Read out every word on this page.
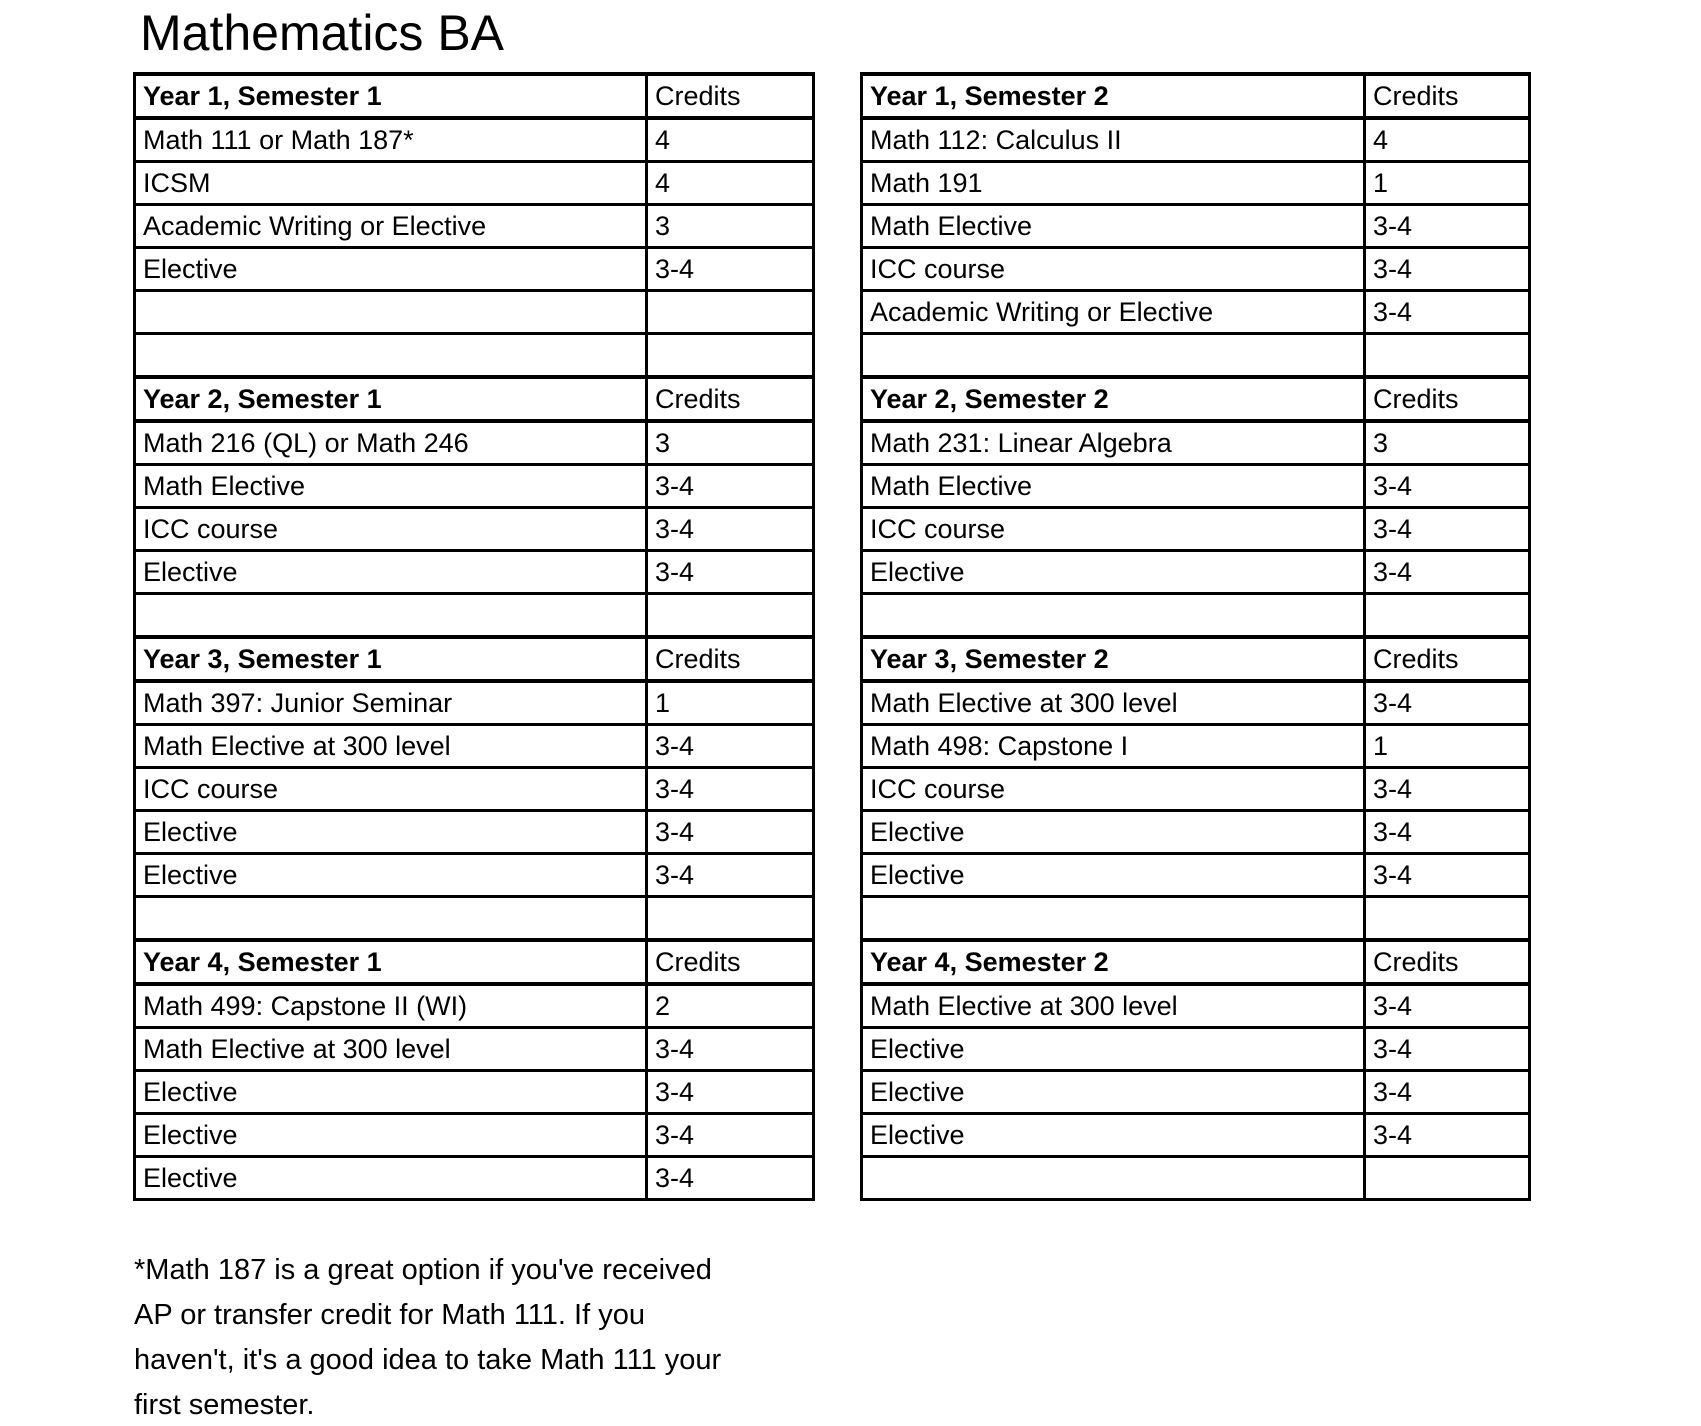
Mathematics BA
Year 1, Semester 1	Credits
Math 111 or Math 187*	4
ICSM	4
Academic Writing or Elective	3
Elective	3-4

Year 2, Semester 1	Credits
Math 216 (QL) or Math 246	3
Math Elective	3-4
ICC course	3-4
Elective	3-4

Year 3, Semester 1	Credits
Math 397: Junior Seminar	1
Math Elective at 300 level	3-4
ICC course	3-4
Elective	3-4
Elective	3-4

Year 4, Semester 1	Credits
Math 499: Capstone II (WI)	2
Math Elective at 300 level	3-4
Elective	3-4
Elective	3-4
Elective	3-4
Year 1, Semester 2	Credits
Math 112: Calculus II	4
Math 191	1
Math Elective	3-4
ICC course	3-4
Academic Writing or Elective	3-4

Year 2, Semester 2	Credits
Math 231: Linear Algebra	3
Math Elective	3-4
ICC course	3-4
Elective	3-4

Year 3, Semester 2	Credits
Math Elective at 300 level	3-4
Math 498: Capstone I	1
ICC course	3-4
Elective	3-4
Elective	3-4

Year 4, Semester 2	Credits
Math Elective at 300 level	3-4
Elective	3-4
Elective	3-4
Elective	3-4

*Math 187 is a great option if you've received
AP or transfer credit for Math 111. If you
haven't, it's a good idea to take Math 111 your
first semester.
